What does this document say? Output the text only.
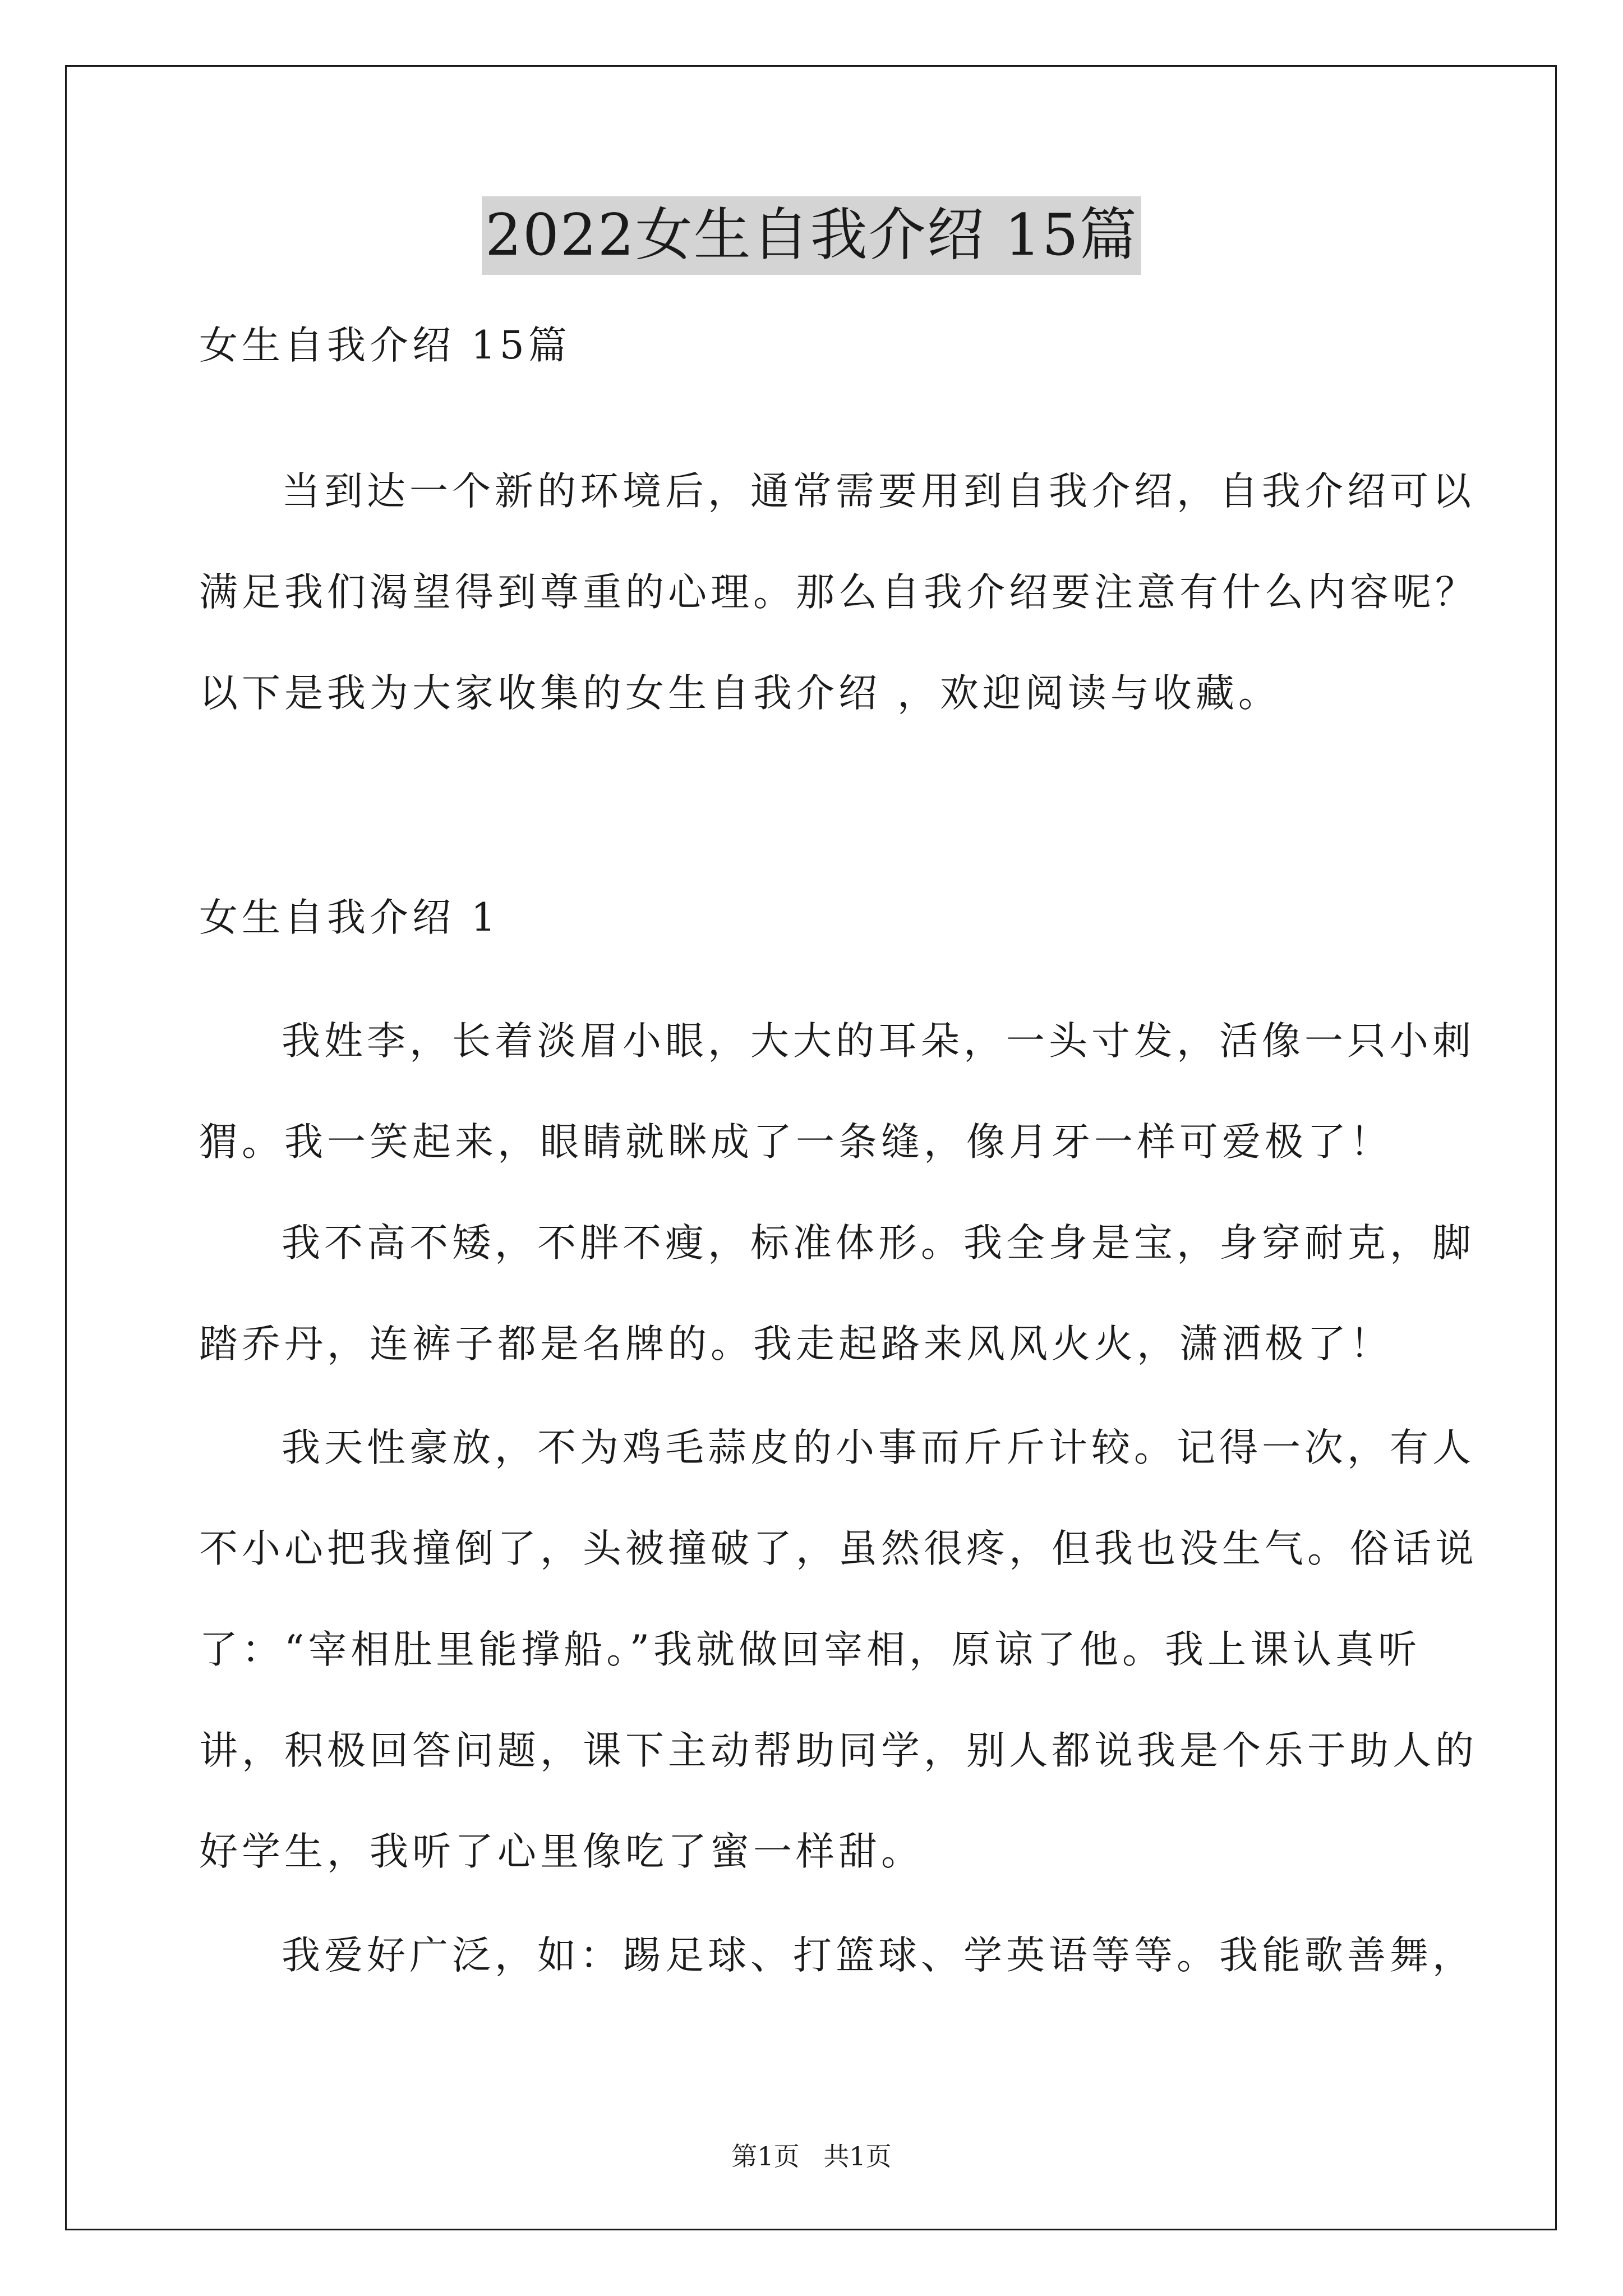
2022女生自我介绍 15篇
女生自我介绍 15篇
当到达一个新的环境后，通常需要用到自我介绍，自我介绍可以
满足我们渴望得到尊重的心理。那么自我介绍要注意有什么内容呢？
以下是我为大家收集的女生自我介绍 ，欢迎阅读与收藏。
女生自我介绍 1
我姓李，长着淡眉小眼，大大的耳朵，一头寸发，活像一只小刺
猬。我一笑起来，眼睛就眯成了一条缝，像月牙一样可爱极了！
我不高不矮，不胖不瘦，标准体形。我全身是宝，身穿耐克，脚
踏乔丹，连裤子都是名牌的。我走起路来风风火火，潇洒极了！
我天性豪放，不为鸡毛蒜皮的小事而斤斤计较。记得一次，有人
不小心把我撞倒了，头被撞破了，虽然很疼，但我也没生气。俗话说
了：“宰相肚里能撑船。”我就做回宰相，原谅了他。我上课认真听
讲，积极回答问题，课下主动帮助同学，别人都说我是个乐于助人的
好学生，我听了心里像吃了蜜一样甜。
我爱好广泛，如：踢足球、打篮球、学英语等等。我能歌善舞，
第1页 共1页
